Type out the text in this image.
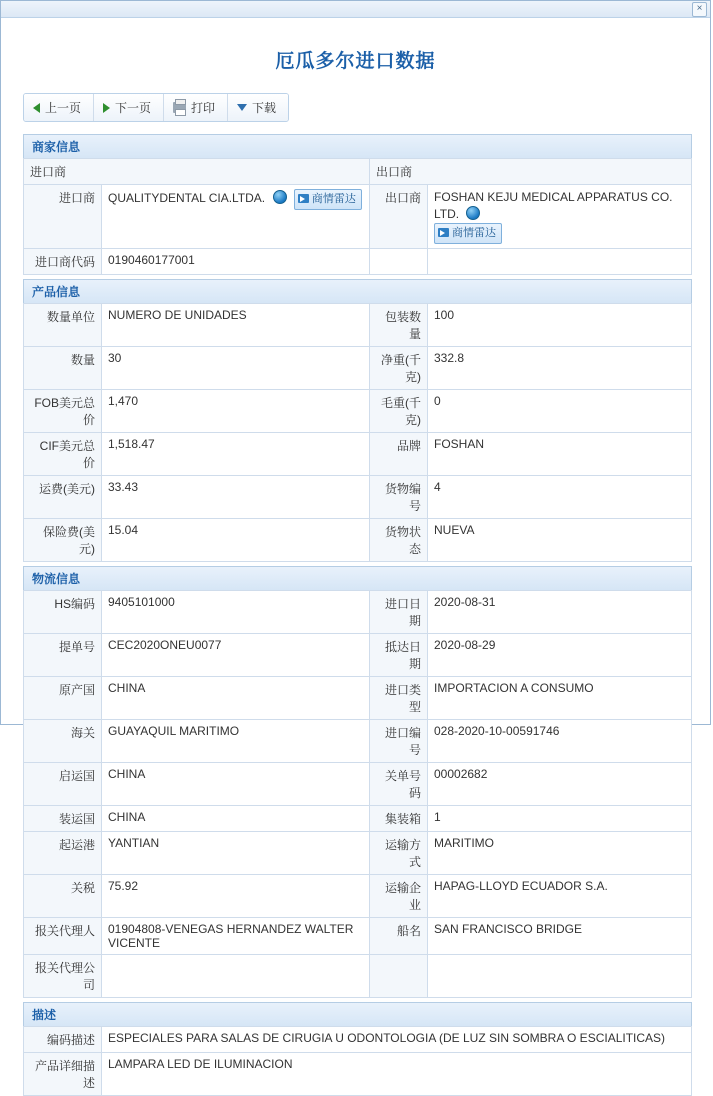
×
厄瓜多尔进口数据
上一页	下一页	打印	下载
商家信息
进口商		出口商	
进口商	QUALITYDENTAL CIA.LTDA. 商情雷达	出口商	FOSHAN KEJU MEDICAL APPARATUS CO. LTD.
商情雷达
进口商代码	0190460177001		
产品信息
数量单位	NUMERO DE UNIDADES	包装数量	100
数量	30	净重(千克)	332.8
FOB美元总价	1,470	毛重(千克)	0
CIF美元总价	1,518.47	品牌	FOSHAN
运费(美元)	33.43	货物编号	4
保险费(美元)	15.04	货物状态	NUEVA
物流信息
HS编码	9405101000	进口日期	2020-08-31
提单号	CEC2020ONEU0077	抵达日期	2020-08-29
原产国	CHINA	进口类型	IMPORTACION A CONSUMO
海关	GUAYAQUIL MARITIMO	进口编号	028-2020-10-00591746
启运国	CHINA	关单号码	00002682
装运国	CHINA	集装箱	1
起运港	YANTIAN	运输方式	MARITIMO
关税	75.92	运输企业	HAPAG-LLOYD ECUADOR S.A.
报关代理人	01904808-VENEGAS HERNANDEZ WALTER VICENTE	船名	SAN FRANCISCO BRIDGE
报关代理公司			
描述
编码描述	ESPECIALES PARA SALAS DE CIRUGIA U ODONTOLOGIA (DE LUZ SIN SOMBRA O ESCIALITICAS)
产品详细描述	LAMPARA LED DE ILUMINACION
